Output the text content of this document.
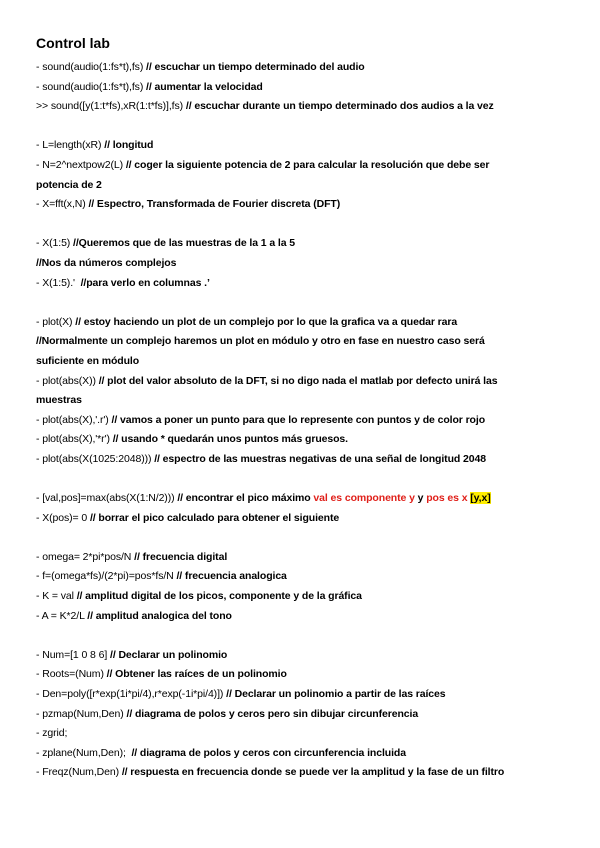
Control lab
- sound(audio(1:fs*t),fs) // escuchar un tiempo determinado del audio
- sound(audio(1:fs*t),fs) // aumentar la velocidad
>> sound([y(1:t*fs),xR(1:t*fs)],fs) // escuchar durante un tiempo determinado dos audios a la vez
- L=length(xR) // longitud
- N=2^nextpow2(L) // coger la siguiente potencia de 2 para calcular la resolución que debe ser
potencia de 2
- X=fft(x,N) // Espectro, Transformada de Fourier discreta (DFT)
- X(1:5) //Queremos que de las muestras de la 1 a la 5
//Nos da números complejos
- X(1:5).' //para verlo en columnas .’
- plot(X) // estoy haciendo un plot de un complejo por lo que la grafica va a quedar rara
//Normalmente un complejo haremos un plot en módulo y otro en fase en nuestro caso será
suficiente en módulo
- plot(abs(X)) // plot del valor absoluto de la DFT, si no digo nada el matlab por defecto unirá las
muestras
- plot(abs(X),'.r') // vamos a poner un punto para que lo represente con puntos y de color rojo
- plot(abs(X),'*r') // usando * quedarán unos puntos más gruesos.
- plot(abs(X(1025:2048))) // espectro de las muestras negativas de una señal de longitud 2048
- [val,pos]=max(abs(X(1:N/2))) // encontrar el pico máximo val es componente y y pos es x [y,x]
- X(pos)= 0 // borrar el pico calculado para obtener el siguiente
- omega= 2*pi*pos/N // frecuencia digital
- f=(omega*fs)/(2*pi)=pos*fs/N // frecuencia analogica
- K = val // amplitud digital de los picos, componente y de la gráfica
- A = K*2/L // amplitud analogica del tono
- Num=[1 0 8 6] // Declarar un polinomio
- Roots=(Num) // Obtener las raíces de un polinomio
- Den=poly([r*exp(1i*pi/4),r*exp(-1i*pi/4)]) // Declarar un polinomio a partir de las raíces
- pzmap(Num,Den) // diagrama de polos y ceros pero sin dibujar circunferencia
- zgrid;
- zplane(Num,Den); // diagrama de polos y ceros con circunferencia incluida
- Freqz(Num,Den) // respuesta en frecuencia donde se puede ver la amplitud y la fase de un filtro
